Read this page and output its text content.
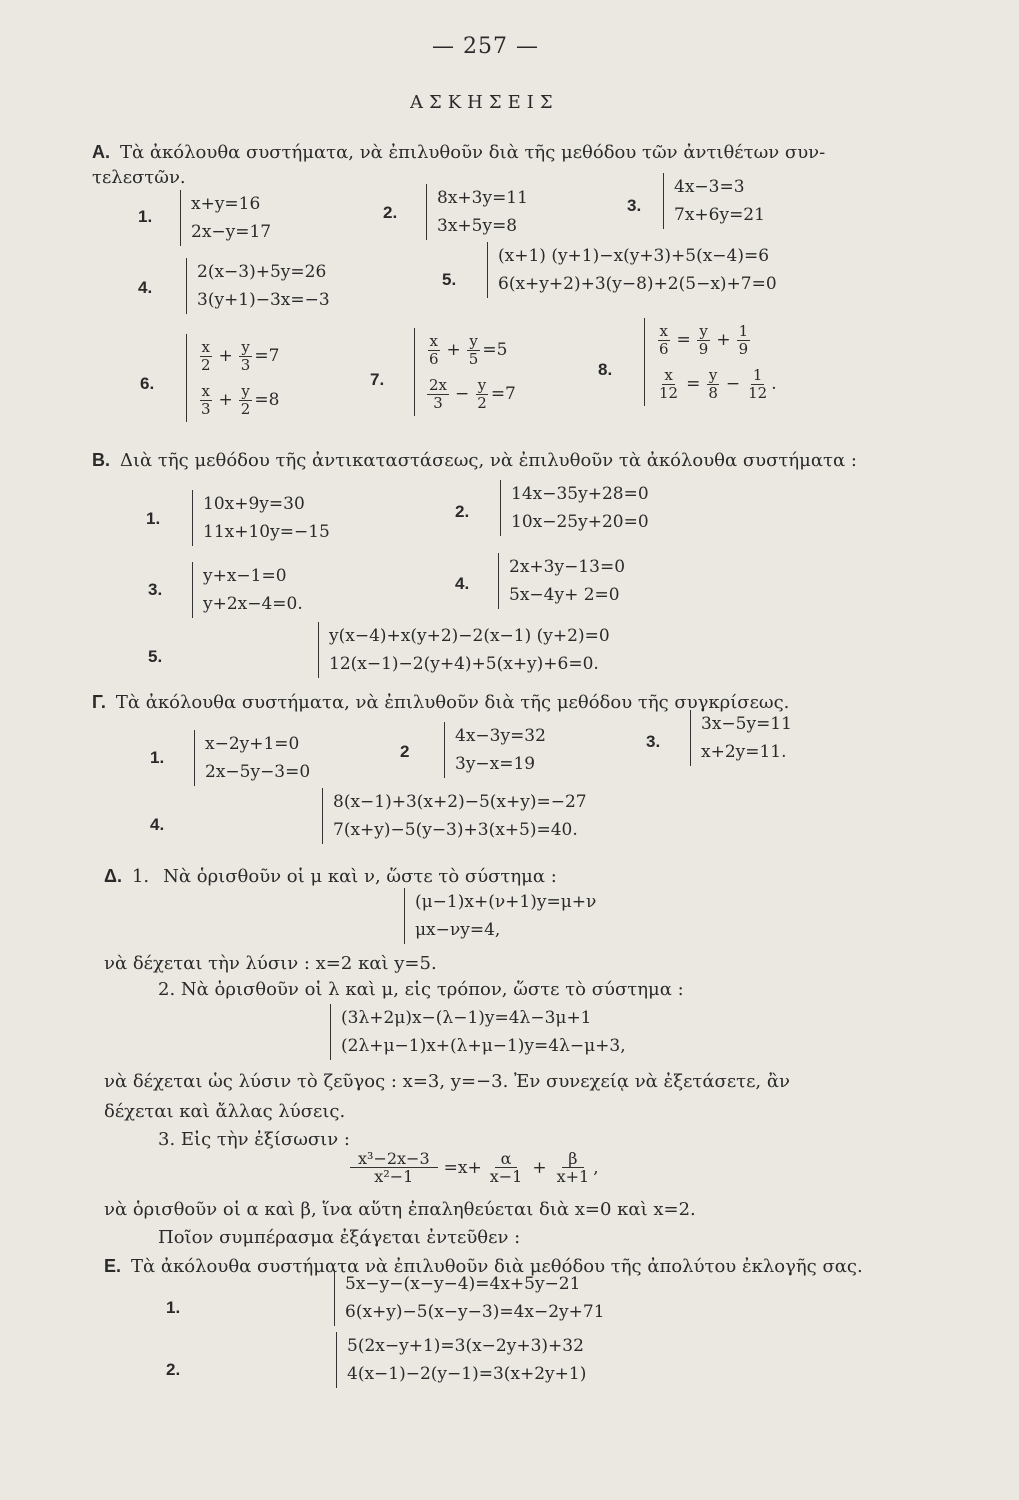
— 257 —
ΑΣΚΗΣΕΙΣ
Α. Τὰ ἀκόλουθα συστήματα, νὰ ἐπιλυθοῦν διὰ τῆς μεθόδου τῶν ἀντιθέτων συν-
τελεστῶν.
1.
x+y=16
2x−y=17
2.
8x+3y=11
3x+5y=8
3.
4x−3=3
7x+6y=21
4.
2(x−3)+5y=26
3(y+1)−3x=−3
5.
(x+1) (y+1)−x(y+3)+5(x−4)=6
6(x+y+2)+3(y−8)+2(5−x)+7=0
6.
x
$2 + \frac{y}{3} =7$
x
$3 + \frac{y}{2} =8$
7.
x
$6 + \frac{y}{5} =5$
2x
$3 - \frac{y}{2} =7$
8.
$\frac{x}{6} = \frac{y}{9} + \frac{1}{9}$
$\frac{x}{12} = \frac{y}{8} - \frac{1}{12}$ .
Β. Διὰ τῆς μεθόδου τῆς ἀντικαταστάσεως, νὰ ἐπιλυθοῦν τὰ ἀκόλουθα συστήματα :
1.
10x+9y=30
11x+10y=−15
2.
14x−35y+28=0
10x−25y+20=0
3.
y+x−1=0
y+2x−4=0.
4.
2x+3y−13=0
5x−4y+ 2=0
5.
y(x−4)+x(y+2)−2(x−1) (y+2)=0
12(x−1)−2(y+4)+5(x+y)+6=0.
Γ. Τὰ ἀκόλουθα συστήματα, νὰ ἐπιλυθοῦν διὰ τῆς μεθόδου τῆς συγκρίσεως.
1.
x−2y+1=0
2x−5y−3=0
2
4x−3y=32
3y−x=19
3.
3x−5y=11
x+2y=11.
4.
8(x−1)+3(x+2)−5(x+y)=−27
7(x+y)−5(y−3)+3(x+5)=40.
Δ. 1. Νὰ ὁρισθοῦν οἱ μ καὶ ν, ὥστε τὸ σύστημα :
(μ−1)x+(ν+1)y=μ+ν
μx−νy=4,
νὰ δέχεται τὴν λύσιν : x=2 καὶ y=5.
2. Νὰ ὁρισθοῦν οἱ λ καὶ μ, εἰς τρόπον, ὥστε τὸ σύστημα :
(3λ+2μ)x−(λ−1)y=4λ−3μ+1
(2λ+μ−1)x+(λ+μ−1)y=4λ−μ+3,
νὰ δέχεται ὡς λύσιν τὸ ζεῦγος : x=3, y=−3. Ἐν συνεχείᾳ νὰ ἐξετάσετε, ἂν
δέχεται καὶ ἄλλας λύσεις.
3. Εἰς τὴν ἐξίσωσιν :
$\frac{\text{x³−2x−3}}{\text{x²−1}} =x+ \frac{\alpha}{x-1} + \frac{\beta}{x+1}$ ,
νὰ ὁρισθοῦν οἱ α καὶ β, ἵνα αὕτη ἐπαληθεύεται διὰ x=0 καὶ x=2.
Ποῖον συμπέρασμα ἐξάγεται ἐντεῦθεν :
Ε. Τὰ ἀκόλουθα συστήματα νὰ ἐπιλυθοῦν διὰ μεθόδου τῆς ἀπολύτου ἐκλογῆς σας.
1.
5x−y−(x−y−4)=4x+5y−21
6(x+y)−5(x−y−3)=4x−2y+71
2.
5(2x−y+1)=3(x−2y+3)+32
4(x−1)−2(y−1)=3(x+2y+1)
